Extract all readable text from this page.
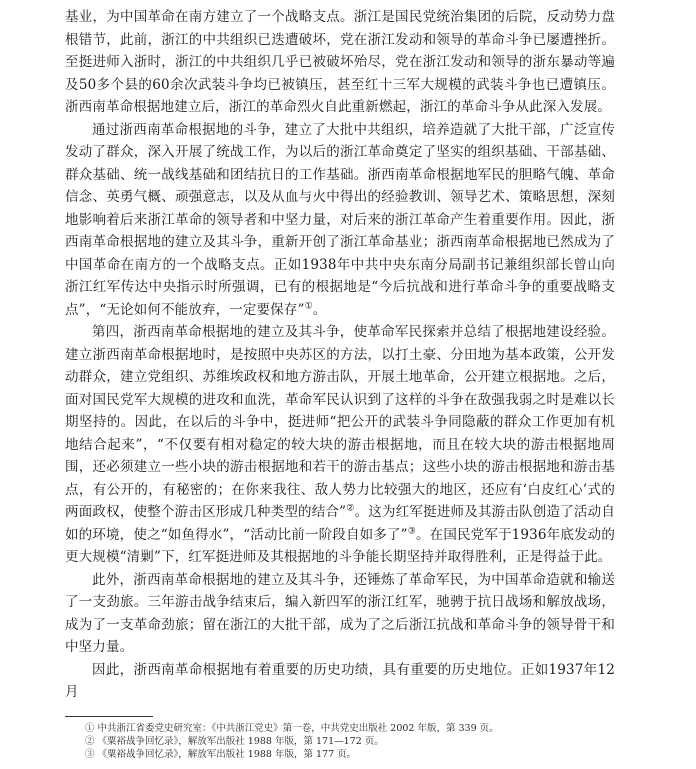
基业，为中国革命在南方建立了一个战略支点。浙江是国民党统治集团的后院，反动势力盘根错节，此前，浙江的中共组织已迭遭破坏，党在浙江发动和领导的革命斗争已屡遭挫折。至挺进师入浙时，浙江的中共组织几乎已被破坏殆尽，党在浙江发动和领导的浙东暴动等遍及50多个县的60余次武装斗争均已被镇压，甚至红十三军大规模的武装斗争也已遭镇压。浙西南革命根据地建立后，浙江的革命烈火自此重新燃起，浙江的革命斗争从此深入发展。

通过浙西南革命根据地的斗争，建立了大批中共组织，培养造就了大批干部，广泛宣传发动了群众，深入开展了统战工作，为以后的浙江革命奠定了坚实的组织基础、干部基础、群众基础、统一战线基础和团结抗日的工作基础。浙西南革命根据地军民的胆略气魄、革命信念、英勇气概、顽强意志，以及从血与火中得出的经验教训、领导艺术、策略思想，深刻地影响着后来浙江革命的领导者和中坚力量，对后来的浙江革命产生着重要作用。因此，浙西南革命根据地的建立及其斗争，重新开创了浙江革命基业；浙西南革命根据地已然成为了中国革命在南方的一个战略支点。正如1938年中共中央东南分局副书记兼组织部长曾山向浙江红军传达中央指示时所强调，已有的根据地是“今后抗战和进行革命斗争的重要战略支点”，“无论如何不能放弃，一定要保存”①。

第四，浙西南革命根据地的建立及其斗争，使革命军民探索并总结了根据地建设经验。建立浙西南革命根据地时，是按照中央苏区的方法，以打土豪、分田地为基本政策，公开发动群众，建立党组织、苏维埃政权和地方游击队，开展土地革命，公开建立根据地。之后，面对国民党军大规模的进攻和血洗，革命军民认识到了这样的斗争在敌强我弱之时是难以长期坚持的。因此，在以后的斗争中，挺进师“把公开的武装斗争同隐蔽的群众工作更加有机地结合起来”，“不仅要有相对稳定的较大块的游击根据地，而且在较大块的游击根据地周围，还必须建立一些小块的游击根据地和若干的游击基点；这些小块的游击根据地和游击基点，有公开的，有秘密的；在你来我往、敌人势力比较强大的地区，还应有‘白皮红心’式的两面政权，使整个游击区形成几种类型的结合”②。这为红军挺进师及其游击队创造了活动自如的环境，使之“如鱼得水”，“活动比前一阶段自如多了”③。在国民党军于1936年底发动的更大规模“清剿”下，红军挺进师及其根据地的斗争能长期坚持并取得胜利，正是得益于此。

此外，浙西南革命根据地的建立及其斗争，还锤炼了革命军民，为中国革命造就和输送了一支劲旅。三年游击战争结束后，编入新四军的浙江红军，驰骋于抗日战场和解放战场，成为了一支革命劲旅；留在浙江的大批干部，成为了之后浙江抗战和革命斗争的领导骨干和中坚力量。

因此，浙西南革命根据地有着重要的历史功绩，具有重要的历史地位。正如1937年12月

① 中共浙江省委党史研究室：《中共浙江党史》第一卷，中共党史出版社 2002 年版，第 339 页。

② 《粟裕战争回忆录》，解放军出版社 1988 年版，第 171—172 页。

③ 《粟裕战争回忆录》，解放军出版社 1988 年版，第 177 页。
